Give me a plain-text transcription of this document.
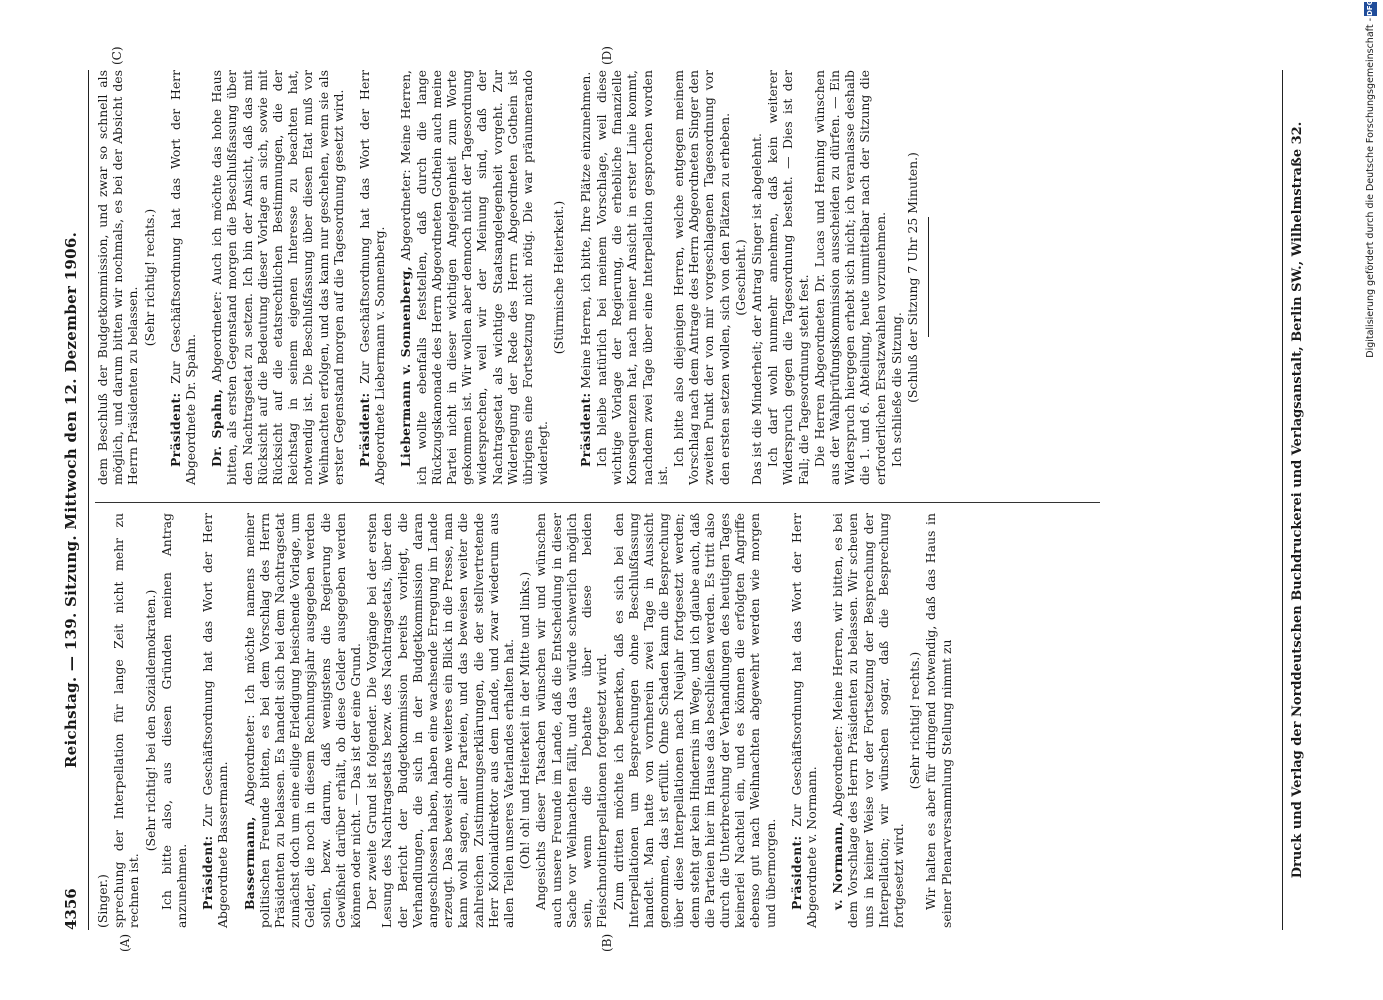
4356
Reichstag. — 139. Sitzung. Mittwoch den 12. Dezember 1906.
(A)	(B)
(C)	(D)

(Singer.) sprechung der Interpellation für lange Zeit nicht mehr zu rechnen ist.

(Sehr richtig! bei den Sozialdemokraten.) Ich bitte also, aus diesen Gründen meinen Antrag anzunehmen. Präsident: Zur Geschäftsordnung hat das Wort der Herr Abgeordnete Bassermann. Bassermann, Abgeordneter: Ich möchte namens meiner politischen Freunde bitten, es bei dem Vorschlag des Herrn Präsidenten zu belassen. Es handelt sich bei dem Nachtragsetat zunächst doch um eine eilige Erledigung heischende Vorlage, um Gelder, die noch in diesem Rechnungsjahr ausgegeben werden sollen, bezw. darum, daß wenigstens die Regierung die Gewißheit darüber erhält, ob diese Gelder ausgegeben werden können oder nicht. — Das ist der eine Grund. Der zweite Grund ist folgender. Die Vorgänge bei der ersten Lesung des Nachtragsetats bezw. des Nachtragsetats, über den der Bericht der Budgetkommission bereits vorliegt, die Verhandlungen, die sich in der Budgetkommission daran angeschlossen haben, haben eine wachsende Erregung im Lande erzeugt. Das beweist ohne weiteres ein Blick in die Presse, man kann wohl sagen, aller Parteien, und das beweisen weiter die zahlreichen Zustimmungserklärungen, die der stellvertretende Herr Kolonialdirektor aus dem Lande, und zwar wiederum aus allen Teilen unseres Vaterlandes erhalten hat. (Oh! oh! und Heiterkeit in der Mitte und links.) Angesichts dieser Tatsachen wünschen wir und wünschen auch unsere Freunde im Lande, daß die Entscheidung in dieser Sache vor Weihnachten fällt, und das würde schwerlich möglich sein, wenn die Debatte über diese beiden Fleischnotinterpellationen fortgesetzt wird. Zum dritten möchte ich bemerken, daß es sich bei den Interpellationen um Besprechungen ohne Beschlußfassung handelt. Man hatte von vornherein zwei Tage in Aussicht genommen, das ist erfüllt. Ohne Schaden kann die Besprechung über diese Interpellationen nach Neujahr fortgesetzt werden; denn steht gar kein Hindernis im Wege, und ich glaube auch, daß die Parteien hier im Hause das beschließen werden. Es tritt also durch die Unterbrechung der Verhandlungen des heutigen Tages keinerlei Nachteil ein, und es können die erfolgten Angriffe ebenso gut nach Weihnachten abgewehrt werden wie morgen und übermorgen. Präsident: Zur Geschäftsordnung hat das Wort der Herr Abgeordnete v. Normann. v. Normann, Abgeordneter: Meine Herren, wir bitten, es bei dem Vorschlage des Herrn Präsidenten zu belassen. Wir scheuen uns in keiner Weise vor der Fortsetzung der Besprechung der Interpellation; wir wünschen sogar, daß die Besprechung fortgesetzt wird.

(Sehr richtig! rechts.) Wir halten es aber für dringend notwendig, daß das Haus in seiner Plenarversammlung Stellung nimmt zu

dem Beschluß der Budgetkommission, und zwar so schnell als möglich, und darum bitten wir nochmals, es bei der Absicht des Herrn Präsidenten zu belassen.

(Sehr richtig! rechts.)

Präsident: Zur Geschäftsordnung hat das Wort der Herr Abgeordnete Dr. Spahn. Dr. Spahn, Abgeordneter: Auch ich möchte das hohe Haus bitten, als ersten Gegenstand morgen die Beschlußfassung über den Nachtragsetat zu setzen. Ich bin der Ansicht, daß das mit Rücksicht auf die Bedeutung dieser Vorlage an sich, sowie mit Rücksicht auf die etatsrechtlichen Bestimmungen, die der Reichstag in seinem eigenen Interesse zu beachten hat, notwendig ist. Die Beschlußfassung über diesen Etat muß vor Weihnachten erfolgen, und das kann nur geschehen, wenn sie als erster Gegenstand morgen auf die Tagesordnung gesetzt wird. Präsident: Zur Geschäftsordnung hat das Wort der Herr Abgeordnete Liebermann v. Sonnenberg. Liebermann v. Sonnenberg, Abgeordneter: Meine Herren, ich wollte ebenfalls feststellen, daß durch die lange Rückzugskanonade des Herrn Abgeordneten Gothein auch meine Partei nicht in dieser wichtigen Angelegenheit zum Worte gekommen ist. Wir wollen aber dennoch nicht der Tagesordnung widersprechen, weil wir der Meinung sind, daß der Nachtragsetat als wichtige Staatsangelegenheit vorgeht. Zur Widerlegung der Rede des Herrn Abgeordneten Gothein ist übrigens eine Fortsetzung nicht nötig. Die war pränumerando widerlegt.

(Stürmische Heiterkeit.)

Präsident: Meine Herren, ich bitte, Ihre Plätze einzunehmen. Ich bleibe natürlich bei meinem Vorschlage, weil diese wichtige Vorlage der Regierung, die erhebliche finanzielle Konsequenzen hat, nach meiner Ansicht in erster Linie kommt, nachdem zwei Tage über eine Interpellation gesprochen worden ist.

Ich bitte also diejenigen Herren, welche entgegen meinem Vorschlag nach dem Antrage des Herrn Abgeordneten Singer den zweiten Punkt der von mir vorgeschlagenen Tagesordnung vor den ersten setzen wollen, sich von den Plätzen zu erheben. (Geschieht.) Das ist die Minderheit; der Antrag Singer ist abgelehnt. Ich darf wohl nunmehr annehmen, daß kein weiterer Widerspruch gegen die Tagesordnung besteht. — Dies ist der Fall; die Tagesordnung steht fest. Die Herren Abgeordneten Dr. Lucas und Henning wünschen aus der Wahlprüfungskommission ausscheiden zu dürfen. — Ein Widerspruch hiergegen erhebt sich nicht; ich veranlasse deshalb die 1. und 6. Abteilung, heute unmittelbar nach der Sitzung die erforderlichen Ersatzwahlen vorzunehmen. Ich schließe die Sitzung. (Schluß der Sitzung 7 Uhr 25 Minuten.)	Druck und Verlag der Norddeutschen Buchdruckerei und Verlagsanstalt, Berlin SW., Wilhelmstraße 32.	Digitalisierung gefördert durch die Deutsche Forschungsgemeinschaft -
DFG
